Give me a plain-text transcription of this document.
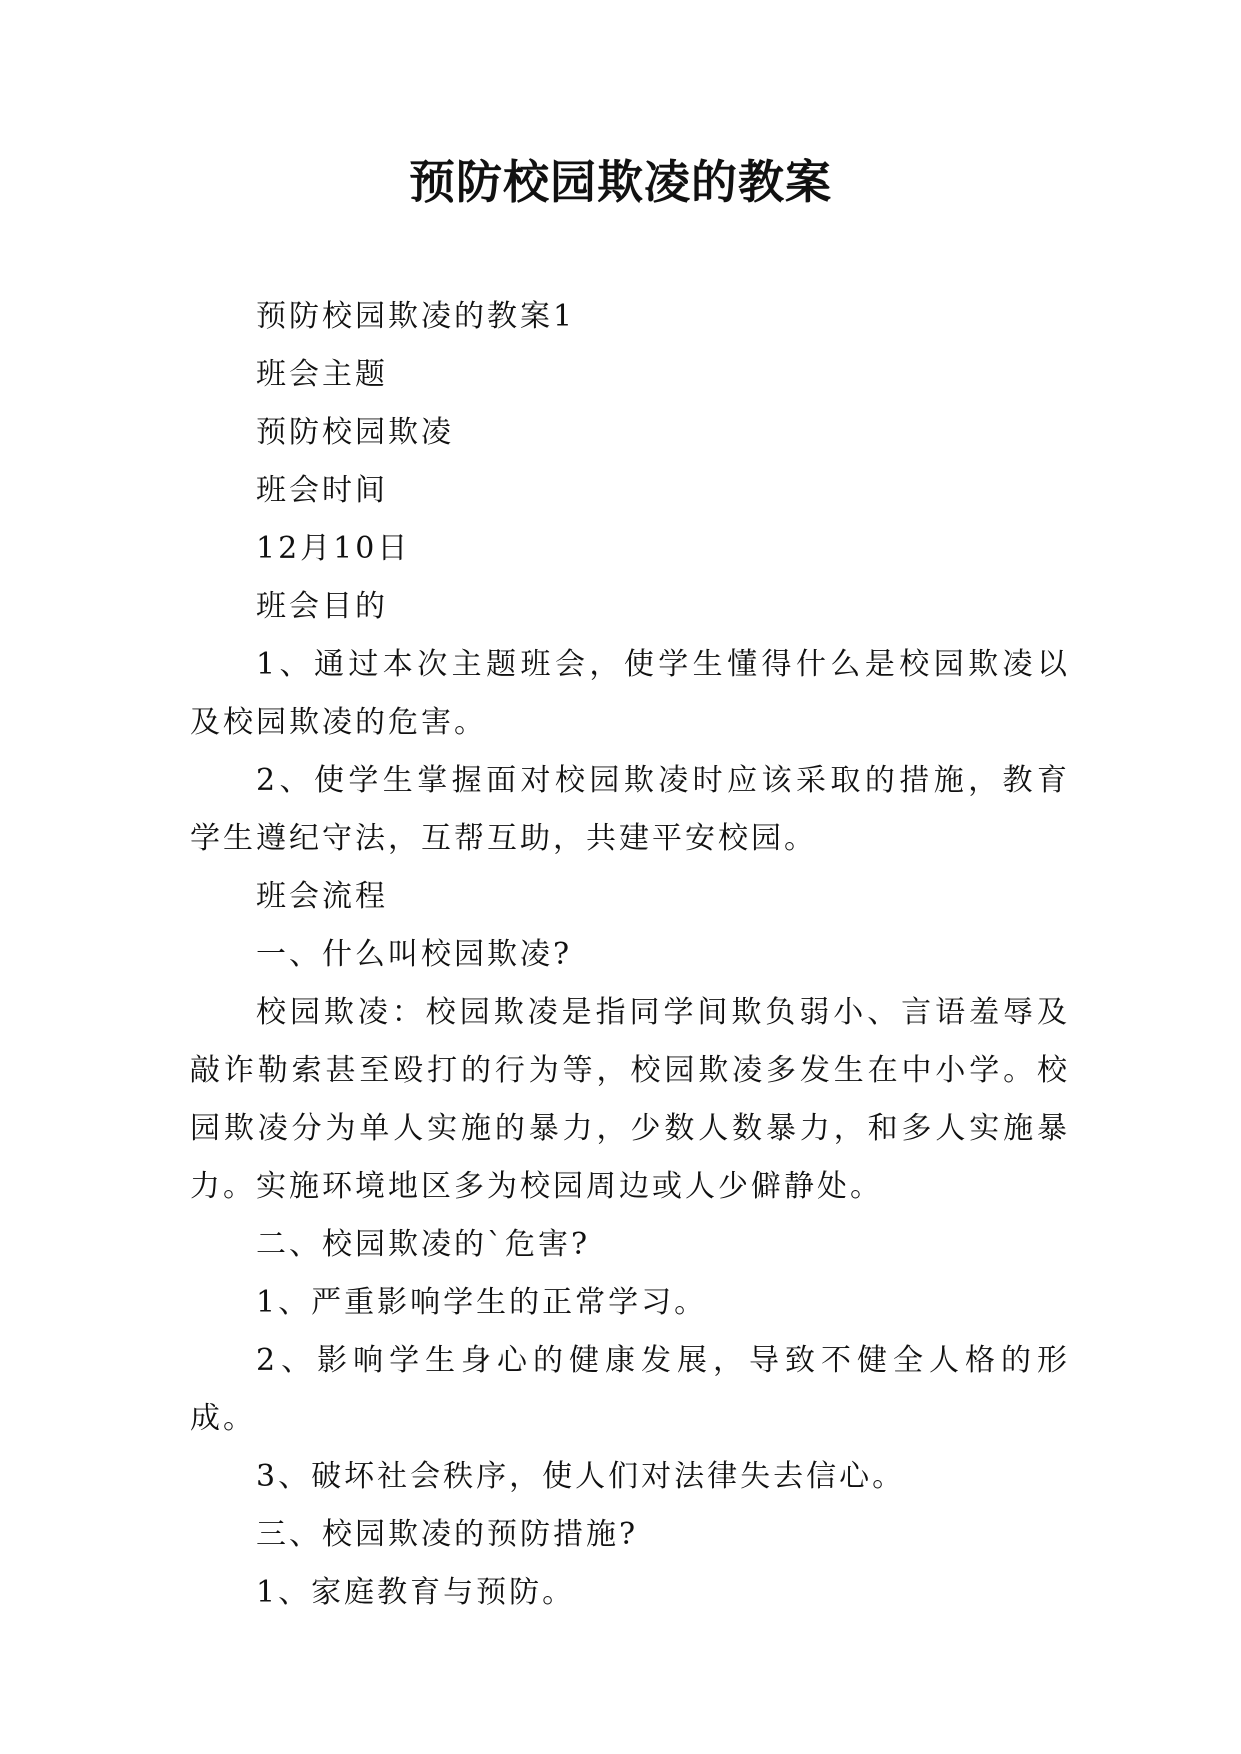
预防校园欺凌的教案

预防校园欺凌的教案1

班会主题

预防校园欺凌

班会时间

12月10日

班会目的

1、通过本次主题班会，使学生懂得什么是校园欺凌以及校园欺凌的危害。

2、使学生掌握面对校园欺凌时应该采取的措施，教育学生遵纪守法，互帮互助，共建平安校园。

班会流程

一、什么叫校园欺凌?

校园欺凌：校园欺凌是指同学间欺负弱小、言语羞辱及敲诈勒索甚至殴打的行为等，校园欺凌多发生在中小学。校园欺凌分为单人实施的暴力，少数人数暴力，和多人实施暴力。实施环境地区多为校园周边或人少僻静处。

二、校园欺凌的`危害?

1、严重影响学生的正常学习。

2、影响学生身心的健康发展，导致不健全人格的形成。

3、破坏社会秩序，使人们对法律失去信心。

三、校园欺凌的预防措施?

1、家庭教育与预防。
